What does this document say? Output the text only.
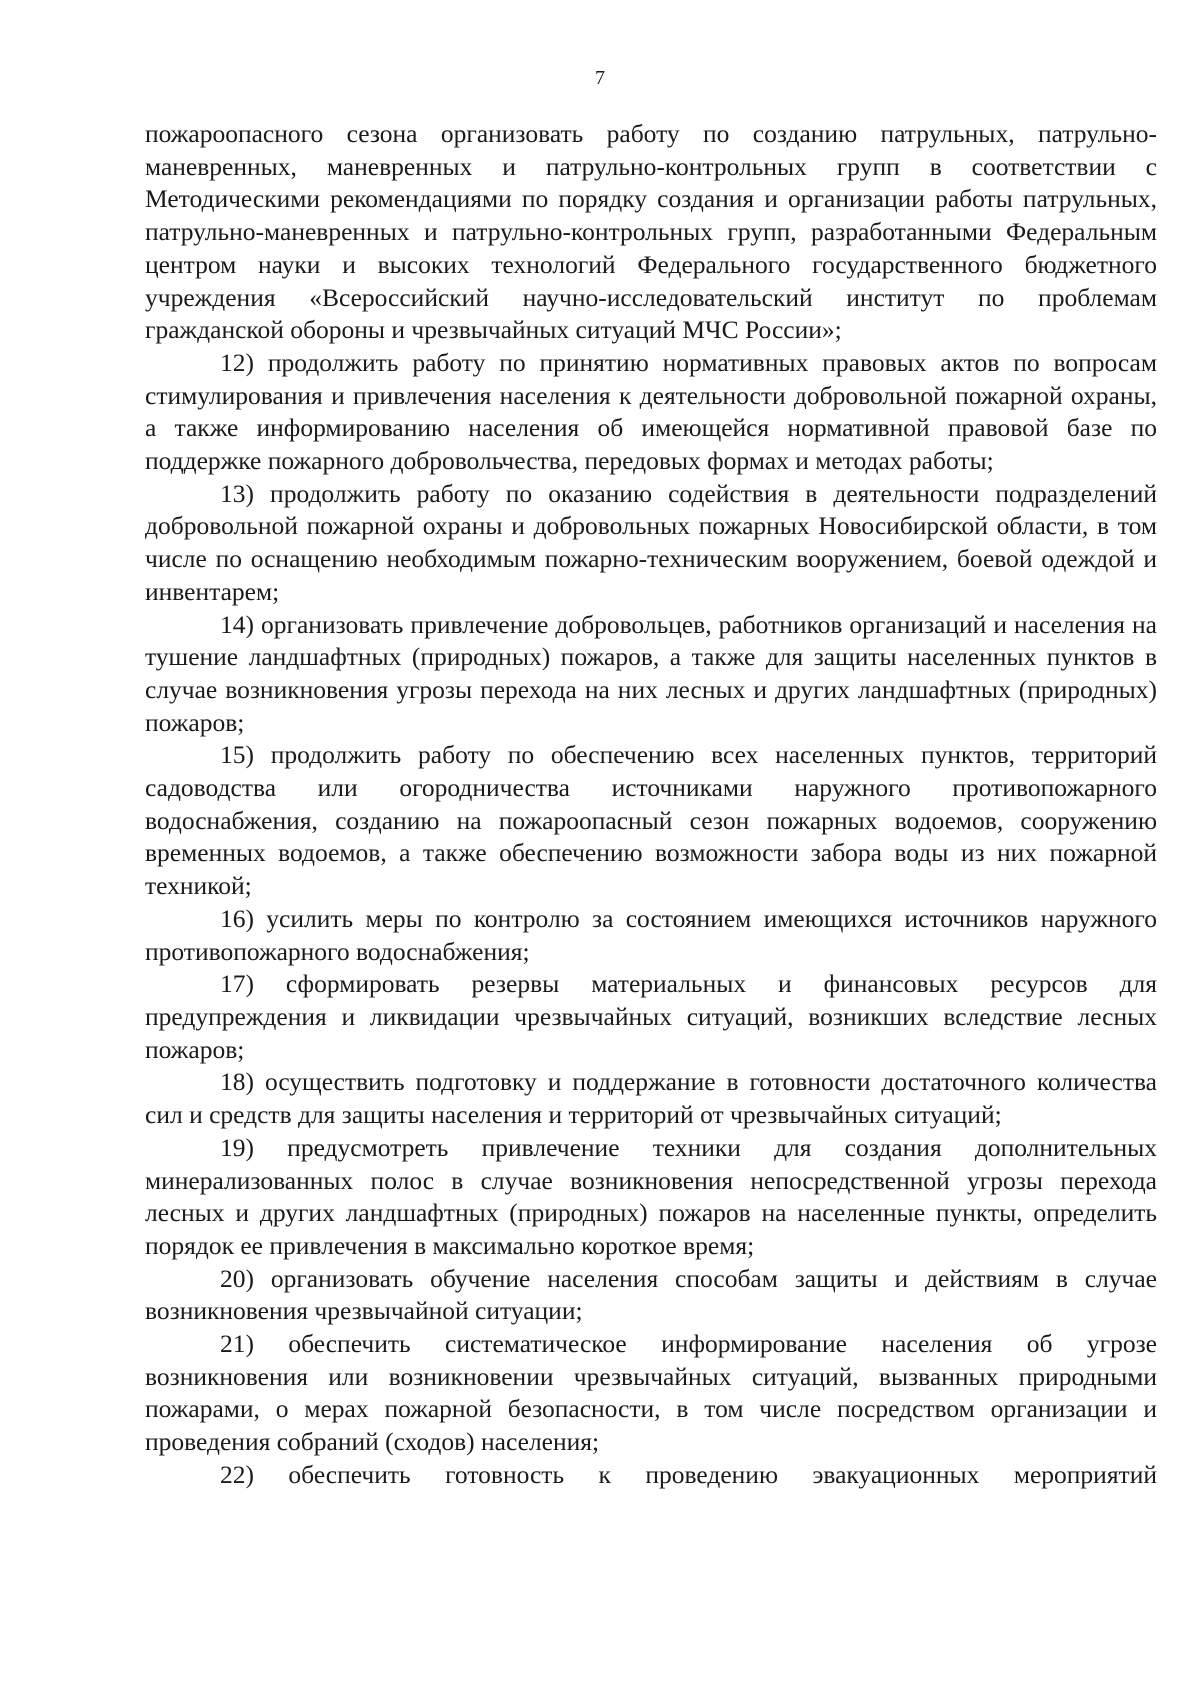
7

пожароопасного сезона организовать работу по созданию патрульных, патрульно-маневренных, маневренных и патрульно-контрольных групп в соответствии с Методическими рекомендациями по порядку создания и организации работы патрульных, патрульно-маневренных и патрульно-контрольных групп, разработанными Федеральным центром науки и высоких технологий Федерального государственного бюджетного учреждения «Всероссийский научно-исследовательский институт по проблемам гражданской обороны и чрезвычайных ситуаций МЧС России»;

12) продолжить работу по принятию нормативных правовых актов по вопросам стимулирования и привлечения населения к деятельности добровольной пожарной охраны, а также информированию населения об имеющейся нормативной правовой базе по поддержке пожарного добровольчества, передовых формах и методах работы;

13) продолжить работу по оказанию содействия в деятельности подразделений добровольной пожарной охраны и добровольных пожарных Новосибирской области, в том числе по оснащению необходимым пожарно-техническим вооружением, боевой одеждой и инвентарем;

14) организовать привлечение добровольцев, работников организаций и населения на тушение ландшафтных (природных) пожаров, а также для защиты населенных пунктов в случае возникновения угрозы перехода на них лесных и других ландшафтных (природных) пожаров;

15) продолжить работу по обеспечению всех населенных пунктов, территорий садоводства или огородничества источниками наружного противопожарного водоснабжения, созданию на пожароопасный сезон пожарных водоемов, сооружению временных водоемов, а также обеспечению возможности забора воды из них пожарной техникой;

16) усилить меры по контролю за состоянием имеющихся источников наружного противопожарного водоснабжения;

17) сформировать резервы материальных и финансовых ресурсов для предупреждения и ликвидации чрезвычайных ситуаций, возникших вследствие лесных пожаров;

18) осуществить подготовку и поддержание в готовности достаточного количества сил и средств для защиты населения и территорий от чрезвычайных ситуаций;

19) предусмотреть привлечение техники для создания дополнительных минерализованных полос в случае возникновения непосредственной угрозы перехода лесных и других ландшафтных (природных) пожаров на населенные пункты, определить порядок ее привлечения в максимально короткое время;

20) организовать обучение населения способам защиты и действиям в случае возникновения чрезвычайной ситуации;

21) обеспечить систематическое информирование населения об угрозе возникновения или возникновении чрезвычайных ситуаций, вызванных природными пожарами, о мерах пожарной безопасности, в том числе посредством организации и проведения собраний (сходов) населения;

22) обеспечить готовность к проведению эвакуационных мероприятий
